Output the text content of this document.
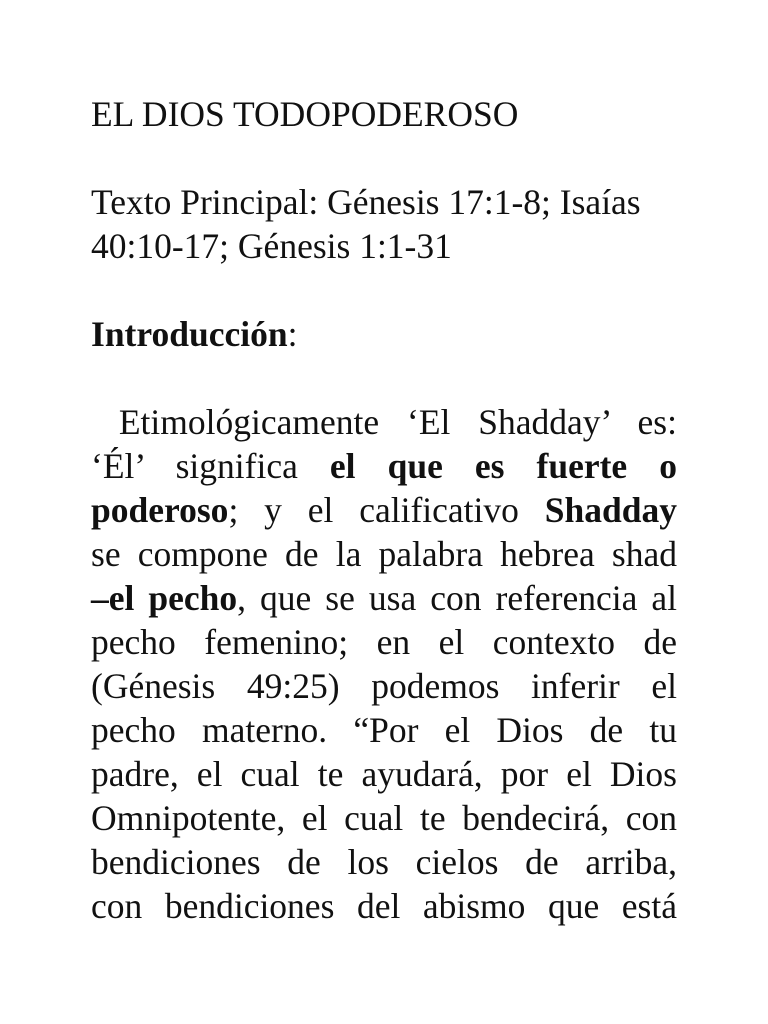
EL DIOS TODOPODEROSO
Texto Principal: Génesis 17:1-8; Isaías
40:10-17; Génesis 1:1-31
Introducción:
Etimológicamente ‘El Shadday’ es:
‘Él’ significa el que es fuerte o
poderoso; y el calificativo Shadday
se compone de la palabra hebrea shad
–el pecho, que se usa con referencia al
pecho femenino; en el contexto de
(Génesis 49:25) podemos inferir el
pecho materno. “Por el Dios de tu
padre, el cual te ayudará, por el Dios
Omnipotente, el cual te bendecirá, con
bendiciones de los cielos de arriba,
con bendiciones del abismo que está
